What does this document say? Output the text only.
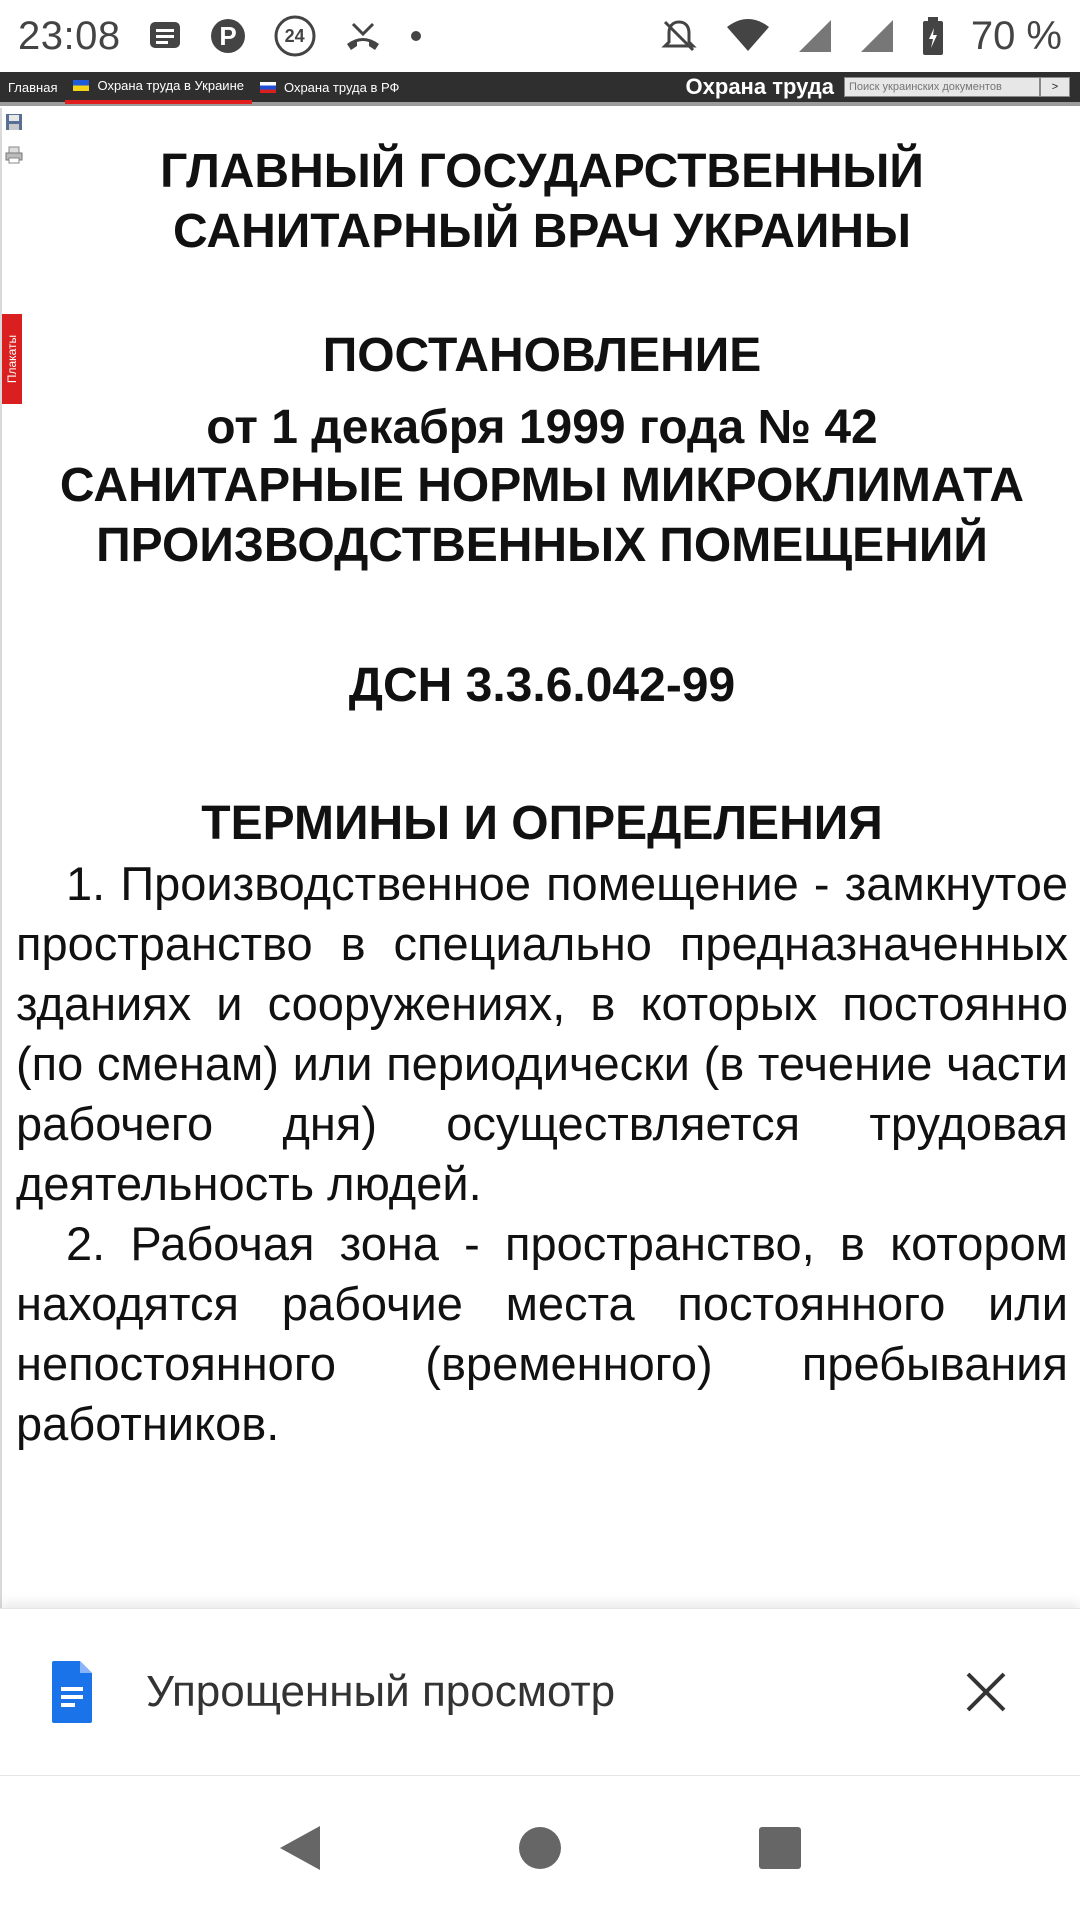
23:08	P	24	70 %
Главная	Охрана труда в Украине	Охрана труда в РФ	Охрана труда
Поиск украинских документов	>
Плакаты
ГЛАВНЫЙ ГОСУДАРСТВЕННЫЙ САНИТАРНЫЙ ВРАЧ УКРАИНЫ
ПОСТАНОВЛЕНИЕ
от 1 декабря 1999 года № 42
САНИТАРНЫЕ НОРМЫ МИКРОКЛИМАТА ПРОИЗВОДСТВЕННЫХ ПОМЕЩЕНИЙ
ДСН 3.3.6.042-99
ТЕРМИНЫ И ОПРЕДЕЛЕНИЯ

1. Производственное помещение - замкнутое пространство в специально предназначенных зданиях и сооружениях, в которых постоянно (по сменам) или периодически (в течение части рабочего дня) осуществляется трудовая деятельность людей.

2. Рабочая зона - пространство, в котором находятся рабочие места постоянного или непостоянного (временного) пребывания работников.

Упрощенный просмотр
